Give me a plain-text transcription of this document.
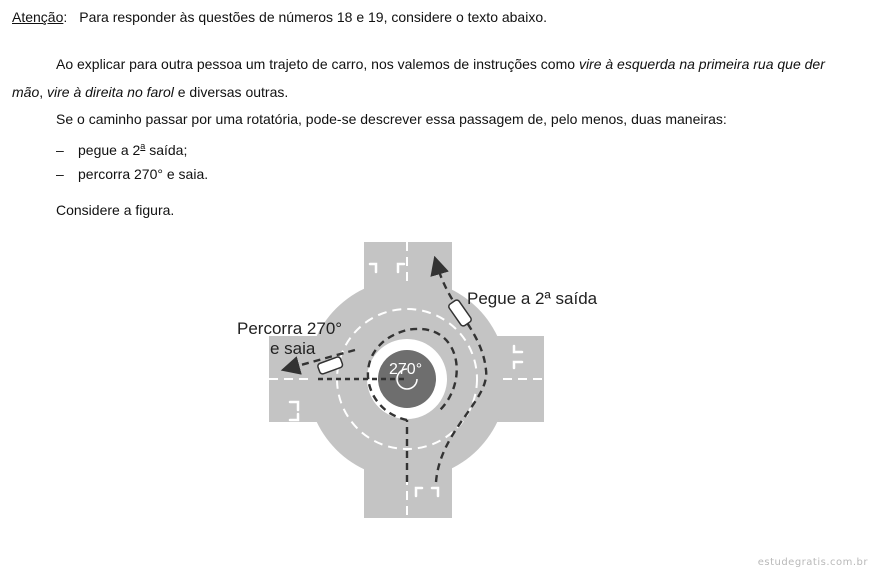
Atenção: Para responder às questões de números 18 e 19, considere o texto abaixo.
Ao explicar para outra pessoa um trajeto de carro, nos valemos de instruções como vire à esquerda na primeira rua que der
mão, vire à direita no farol e diversas outras.
Se o caminho passar por uma rotatória, pode-se descrever essa passagem de, pelo menos, duas maneiras:
– pegue a 2$^a$ saída;
– percorra 270° e saia.
Considere a figura.
270°
Pegue a 2ª saída
Percorra 270°
e saia
estudegratis.com.br
